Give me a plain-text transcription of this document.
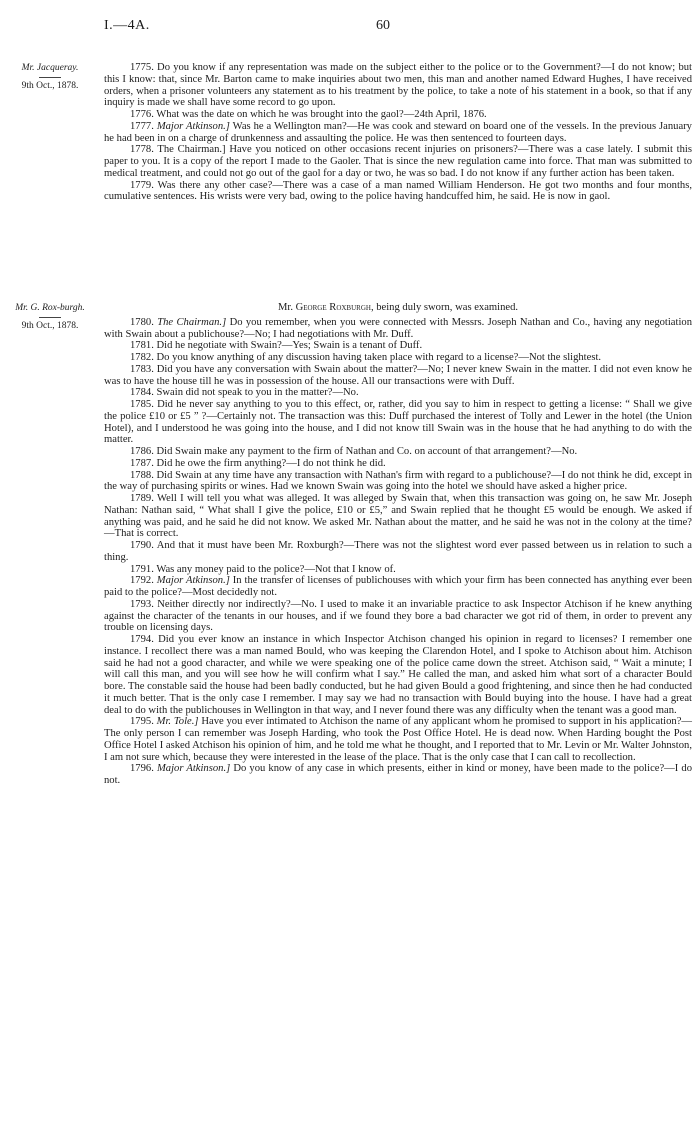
I.—4A.	60
Mr. Jacqueray.
9th Oct., 1878.

1775. Do you know if any representation was made on the subject either to the police or to the Government?—I do not know; but this I know: that, since Mr. Barton came to make inquiries about two men, this man and another named Edward Hughes, I have received orders, when a prisoner volunteers any statement as to his treatment by the police, to take a note of his statement in a book, so that if any inquiry is made we shall have some record to go upon.

1776. What was the date on which he was brought into the gaol?—24th April, 1876.

1777. Major Atkinson.] Was he a Wellington man?—He was cook and steward on board one of the vessels. In the previous January he had been in on a charge of drunkenness and assaulting the police. He was then sentenced to fourteen days.

1778. The Chairman.] Have you noticed on other occasions recent injuries on prisoners?—There was a case lately. I submit this paper to you. It is a copy of the report I made to the Gaoler. That is since the new regulation came into force. That man was submitted to medical treatment, and could not go out of the gaol for a day or two, he was so bad. I do not know if any further action has been taken.

1779. Was there any other case?—There was a case of a man named William Henderson. He got two months and four months, cumulative sentences. His wrists were very bad, owing to the police having handcuffed him, he said. He is now in gaol.

Mr. G. Rox-burgh.
9th Oct., 1878.

Mr. George Roxburgh, being duly sworn, was examined.

1780. The Chairman.] Do you remember, when you were connected with Messrs. Joseph Nathan and Co., having any negotiation with Swain about a publichouse?—No; I had negotiations with Mr. Duff.

1781. Did he negotiate with Swain?—Yes; Swain is a tenant of Duff.

1782. Do you know anything of any discussion having taken place with regard to a license?—Not the slightest.

1783. Did you have any conversation with Swain about the matter?—No; I never knew Swain in the matter. I did not even know he was to have the house till he was in possession of the house. All our transactions were with Duff.

1784. Swain did not speak to you in the matter?—No.

1785. Did he never say anything to you to this effect, or, rather, did you say to him in respect to getting a license: “ Shall we give the police £10 or £5 ” ?—Certainly not. The transaction was this: Duff purchased the interest of Tolly and Lewer in the hotel (the Union Hotel), and I understood he was going into the house, and I did not know till Swain was in the house that he had anything to do with the matter.

1786. Did Swain make any payment to the firm of Nathan and Co. on account of that arrangement?—No.

1787. Did he owe the firm anything?—I do not think he did.

1788. Did Swain at any time have any transaction with Nathan's firm with regard to a publichouse?—I do not think he did, except in the way of purchasing spirits or wines. Had we known Swain was going into the hotel we should have asked a higher price.

1789. Well I will tell you what was alleged. It was alleged by Swain that, when this transaction was going on, he saw Mr. Joseph Nathan: Nathan said, “ What shall I give the police, £10 or £5,” and Swain replied that he thought £5 would be enough. We asked if anything was paid, and he said he did not know. We asked Mr. Nathan about the matter, and he said he was not in the colony at the time?—That is correct.

1790. And that it must have been Mr. Roxburgh?—There was not the slightest word ever passed between us in relation to such a thing.

1791. Was any money paid to the police?—Not that I know of.

1792. Major Atkinson.] In the transfer of licenses of publichouses with which your firm has been connected has anything ever been paid to the police?—Most decidedly not.

1793. Neither directly nor indirectly?—No. I used to make it an invariable practice to ask Inspector Atchison if he knew anything against the character of the tenants in our houses, and if we found they bore a bad character we got rid of them, in order to prevent any trouble on licensing days.

1794. Did you ever know an instance in which Inspector Atchison changed his opinion in regard to licenses? I remember one instance. I recollect there was a man named Bould, who was keeping the Clarendon Hotel, and I spoke to Atchison about him. Atchison said he had not a good character, and while we were speaking one of the police came down the street. Atchison said, “ Wait a minute; I will call this man, and you will see how he will confirm what I say.” He called the man, and asked him what sort of a character Bould bore. The constable said the house had been badly conducted, but he had given Bould a good frightening, and since then he had conducted it much better. That is the only case I remember. I may say we had no transaction with Bould buying into the house. I have had a great deal to do with the publichouses in Wellington in that way, and I never found there was any difficulty when the tenant was a good man.

1795. Mr. Tole.] Have you ever intimated to Atchison the name of any applicant whom he promised to support in his application?—The only person I can remember was Joseph Harding, who took the Post Office Hotel. He is dead now. When Harding bought the Post Office Hotel I asked Atchison his opinion of him, and he told me what he thought, and I reported that to Mr. Levin or Mr. Walter Johnston, I am not sure which, because they were interested in the lease of the place. That is the only case that I can call to recollection.

1796. Major Atkinson.] Do you know of any case in which presents, either in kind or money, have been made to the police?—I do not.
